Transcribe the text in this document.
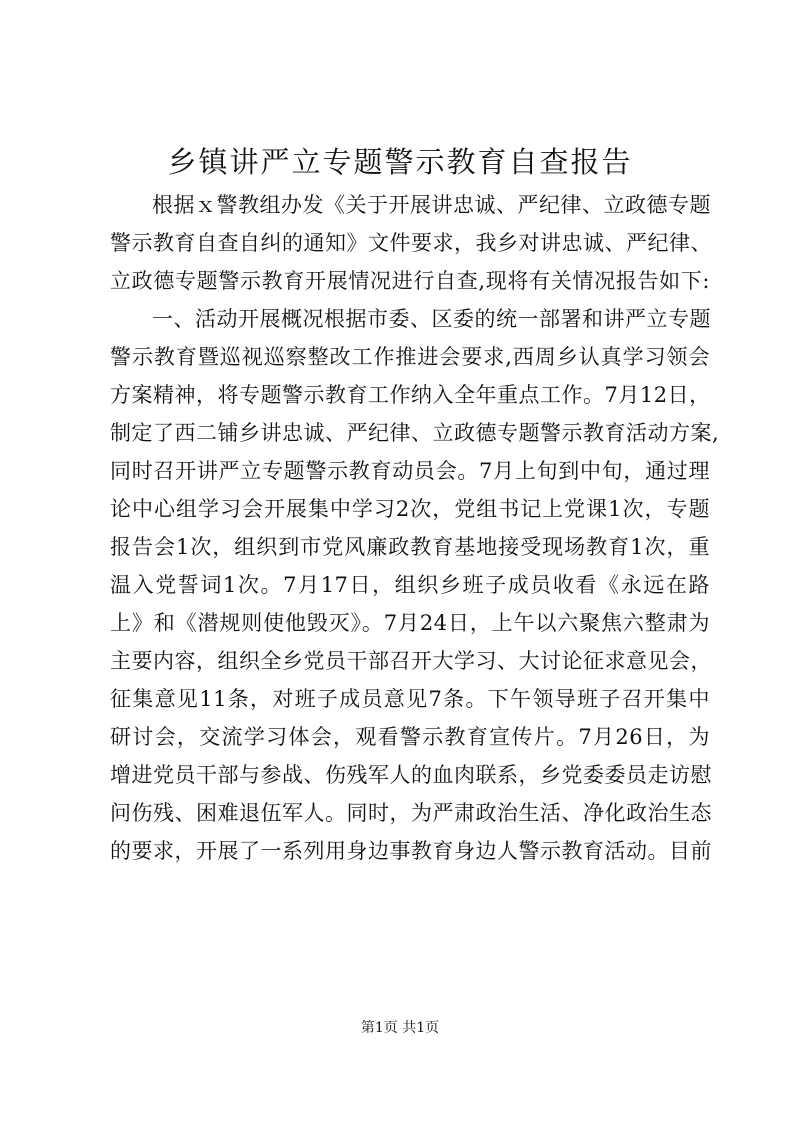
乡镇讲严立专题警示教育自查报告
根据ｘ警教组办发《关于开展讲忠诚、严纪律、立政德专题
警示教育自查自纠的通知》文件要求，我乡对讲忠诚、严纪律、
立政德专题警示教育开展情况进行自查,现将有关情况报告如下:
一、活动开展概况根据市委、区委的统一部署和讲严立专题
警示教育暨巡视巡察整改工作推进会要求,西周乡认真学习领会
方案精神，将专题警示教育工作纳入全年重点工作。7月12日，
制定了西二铺乡讲忠诚、严纪律、立政德专题警示教育活动方案,
同时召开讲严立专题警示教育动员会。7月上旬到中旬，通过理
论中心组学习会开展集中学习2次，党组书记上党课1次，专题
报告会1次，组织到市党风廉政教育基地接受现场教育1次，重
温入党誓词1次。7月17日，组织乡班子成员收看《永远在路
上》和《潜规则使他毁灭》。7月24日，上午以六聚焦六整肃为
主要内容，组织全乡党员干部召开大学习、大讨论征求意见会，
征集意见11条，对班子成员意见7条。下午领导班子召开集中
研讨会，交流学习体会，观看警示教育宣传片。7月26日，为
增进党员干部与参战、伤残军人的血肉联系，乡党委委员走访慰
问伤残、困难退伍军人。同时，为严肃政治生活、净化政治生态
的要求，开展了一系列用身边事教育身边人警示教育活动。目前
第1页 共1页
